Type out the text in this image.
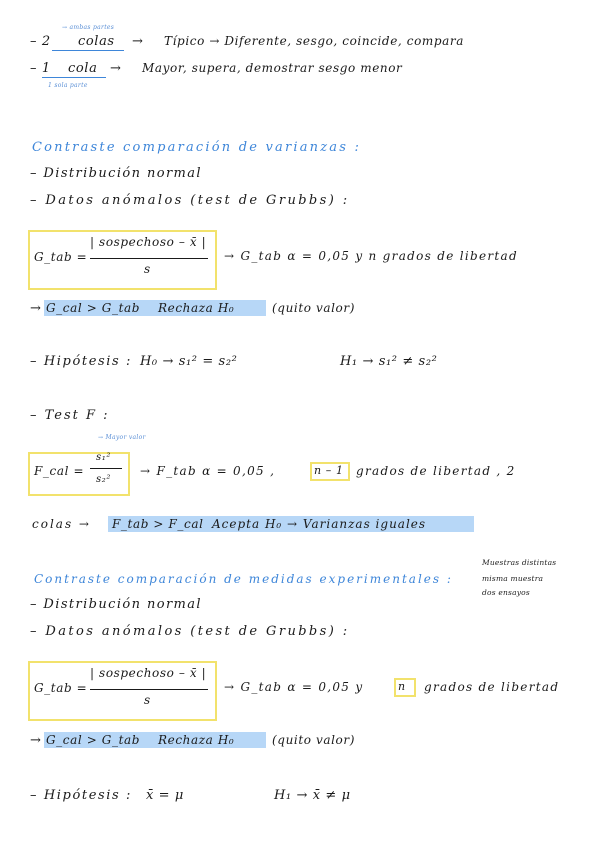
→ ambas partes
– 2 colas → Típico → Diferente, sesgo, coincide, compara
– 1 cola → Mayor, supera, demostrar sesgo menor
1 sola parte
Contraste comparación de varianzas :
– Distribución normal
– Datos anómalos (test de Grubbs) :
G_tab =
| sospechoso – x̄ |
s
→ G_tab α = 0,05 y n grados de libertad
→ G_cal > G_tab Rechaza H₀	(quito valor)
– Hipótesis : H₀ → s₁² = s₂²	H₁ → s₁² ≠ s₂²
– Test F :
→ Mayor valor
F_cal =
s₁²
s₂²
→ F_tab α = 0,05 ,	n – 1 grados de libertad , 2
colas → F_tab > F_cal Acepta H₀ → Varianzas iguales
Contraste comparación de medidas experimentales :
Muestras distintas
misma muestra
dos ensayos
– Distribución normal
– Datos anómalos (test de Grubbs) :
G_tab =
| sospechoso – x̄ |
s
→ G_tab α = 0,05 y	n grados de libertad
→ G_cal > G_tab Rechaza H₀	(quito valor)
– Hipótesis : x̄ = μ	H₁ → x̄ ≠ μ
